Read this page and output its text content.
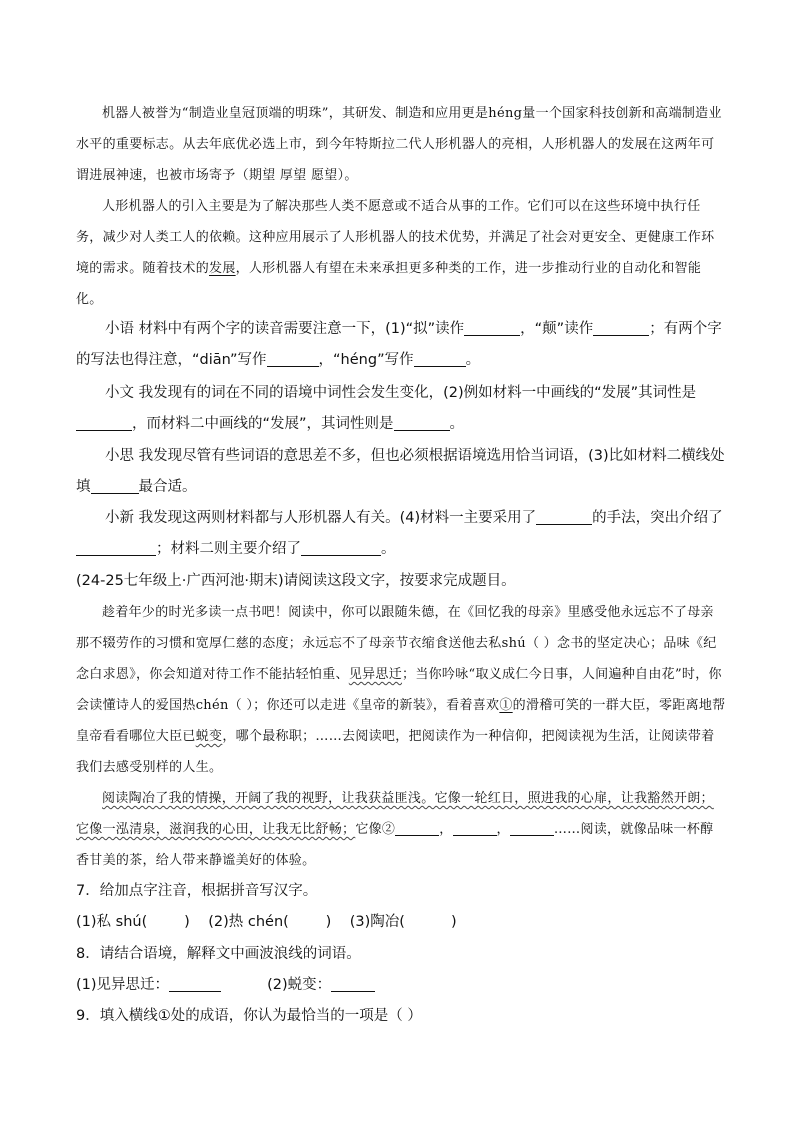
机器人被誉为“制造业皇冠顶端的明珠”，其研发、制造和应用更是héng量一个国家科技创新和高端制造业水平的重要标志。从去年底优必选上市，到今年特斯拉二代人形机器人的亮相，人形机器人的发展在这两年可谓进展神速，也被市场寄予（期望 厚望 愿望）。
人形机器人的引入主要是为了解决那些人类不愿意或不适合从事的工作。它们可以在这些环境中执行任务，减少对人类工人的依赖。这种应用展示了人形机器人的技术优势，并满足了社会对更安全、更健康工作环境的需求。随着技术的发展，人形机器人有望在未来承担更多种类的工作，进一步推动行业的自动化和智能化。
小语 材料中有两个字的读音需要注意一下，(1)“拟”读作	，“颠”读作	；有两个字的写法也得注意，“diān”写作	，“héng”写作	。
小文 我发现有的词在不同的语境中词性会发生变化，(2)例如材料一中画线的“发展”其词性是，而材料二中画线的“发展”，其词性则是	。
小思 我发现尽管有些词语的意思差不多，但也必须根据语境选用恰当词语，(3)比如材料二横线处填	最合适。
小新 我发现这两则材料都与人形机器人有关。(4)材料一主要采用了	的手法，突出介绍了；材料二则主要介绍了	。
(24-25七年级上·广西河池·期末)请阅读这段文字，按要求完成题目。
趁着年少的时光多读一点书吧！阅读中，你可以跟随朱德，在《回忆我的母亲》里感受他永远忘不了母亲那不辍劳作的习惯和宽厚仁慈的态度；永远忘不了母亲节衣缩食送他去私shú（ ）念书的坚定决心；品味《纪念白求恩》，你会知道对待工作不能拈轻怕重、见异思迁；当你吟咏“取义成仁今日事，人间遍种自由花”时，你会读懂诗人的爱国热chén（ ）；你还可以走进《皇帝的新装》，看着喜欢①的滑稽可笑的一群大臣，零距离地帮皇帝看看哪位大臣已蜕变，哪个最称职；……去阅读吧，把阅读作为一种信仰，把阅读视为生活，让阅读带着我们去感受别样的人生。
阅读陶冶了我的情操，开阔了我的视野，让我获益匪浅。它像一轮红日，照进我的心扉，让我豁然开朗；它像一泓清泉，滋润我的心田，让我无比舒畅；它像②	，	，	……阅读，就像品味一杯醇香甘美的茶，给人带来静谧美好的体验。
7．给加点字注音，根据拼音写汉字。
(1)私 shú(        ) (2)热 chén(        ) (3)陶冶(          )
8．请结合语境，解释文中画波浪线的词语。
(1)见异思迁：	(2)蜕变：
9．填入横线①处的成语，你认为最恰当的一项是（ ）
